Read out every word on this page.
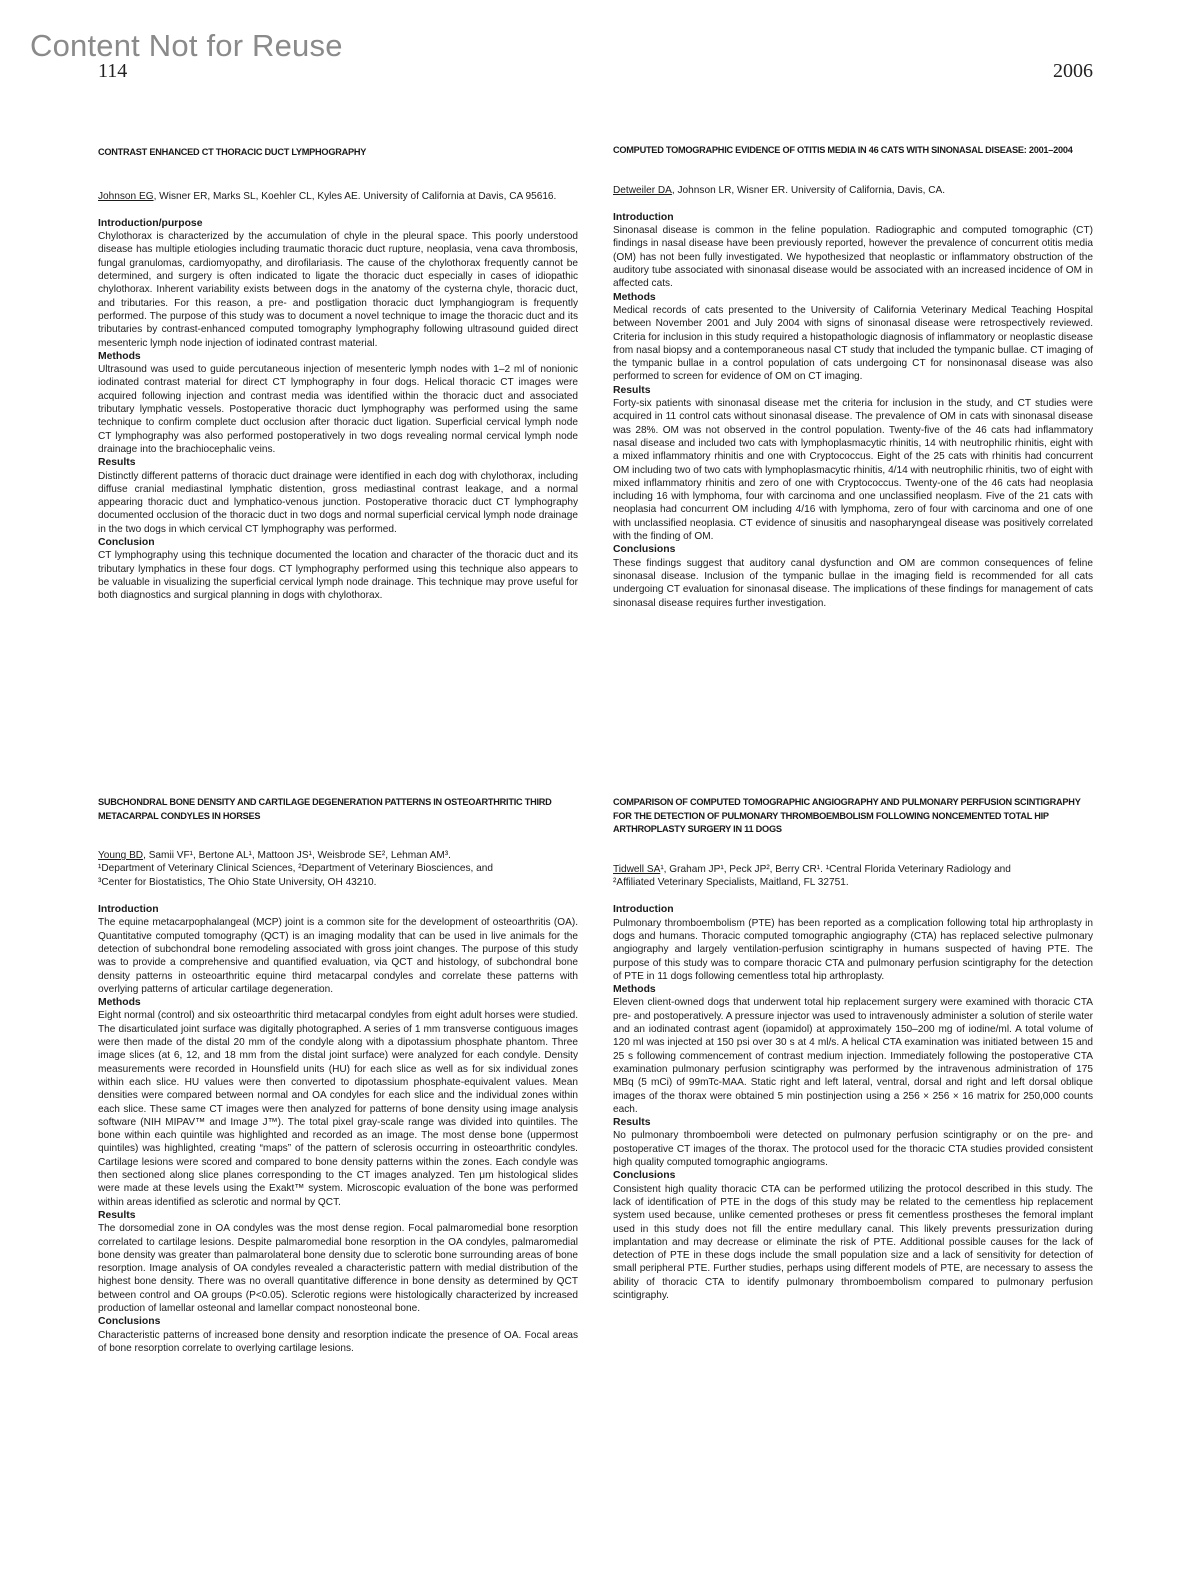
Content Not for Reuse
114	2006

CONTRAST ENHANCED CT THORACIC DUCT LYMPHOGRAPHY

Johnson EG, Wisner ER, Marks SL, Koehler CL, Kyles AE. University of California at Davis, CA 95616.
Introduction/purpose

Chylothorax is characterized by the accumulation of chyle in the pleural space. This poorly understood disease has multiple etiologies including traumatic thoracic duct rupture, neoplasia, vena cava thrombosis, fungal granulomas, cardiomyopathy, and dirofilariasis. The cause of the chylothorax frequently cannot be determined, and surgery is often indicated to ligate the thoracic duct especially in cases of idiopathic chylothorax. Inherent variability exists between dogs in the anatomy of the cysterna chyle, thoracic duct, and tributaries. For this reason, a pre- and postligation thoracic duct lymphangiogram is frequently performed. The purpose of this study was to document a novel technique to image the thoracic duct and its tributaries by contrast-enhanced computed tomography lymphography following ultrasound guided direct mesenteric lymph node injection of iodinated contrast material.

Methods

Ultrasound was used to guide percutaneous injection of mesenteric lymph nodes with 1–2 ml of nonionic iodinated contrast material for direct CT lymphography in four dogs. Helical thoracic CT images were acquired following injection and contrast media was identified within the thoracic duct and associated tributary lymphatic vessels. Postoperative thoracic duct lymphography was performed using the same technique to confirm complete duct occlusion after thoracic duct ligation. Superficial cervical lymph node CT lymphography was also performed postoperatively in two dogs revealing normal cervical lymph node drainage into the brachiocephalic veins.

Results

Distinctly different patterns of thoracic duct drainage were identified in each dog with chylothorax, including diffuse cranial mediastinal lymphatic distention, gross mediastinal contrast leakage, and a normal appearing thoracic duct and lymphatico-venous junction. Postoperative thoracic duct CT lymphography documented occlusion of the thoracic duct in two dogs and normal superficial cervical lymph node drainage in the two dogs in which cervical CT lymphography was performed.

Conclusion

CT lymphography using this technique documented the location and character of the thoracic duct and its tributary lymphatics in these four dogs. CT lymphography performed using this technique also appears to be valuable in visualizing the superficial cervical lymph node drainage. This technique may prove useful for both diagnostics and surgical planning in dogs with chylothorax.

COMPUTED TOMOGRAPHIC EVIDENCE OF OTITIS MEDIA IN 46 CATS WITH SINONASAL DISEASE: 2001–2004

Detweiler DA, Johnson LR, Wisner ER. University of California, Davis, CA.
Introduction

Sinonasal disease is common in the feline population. Radiographic and computed tomographic (CT) findings in nasal disease have been previously reported, however the prevalence of concurrent otitis media (OM) has not been fully investigated. We hypothesized that neoplastic or inflammatory obstruction of the auditory tube associated with sinonasal disease would be associated with an increased incidence of OM in affected cats.

Methods

Medical records of cats presented to the University of California Veterinary Medical Teaching Hospital between November 2001 and July 2004 with signs of sinonasal disease were retrospectively reviewed. Criteria for inclusion in this study required a histopathologic diagnosis of inflammatory or neoplastic disease from nasal biopsy and a contemporaneous nasal CT study that included the tympanic bullae. CT imaging of the tympanic bullae in a control population of cats undergoing CT for nonsinonasal disease was also performed to screen for evidence of OM on CT imaging.

Results

Forty-six patients with sinonasal disease met the criteria for inclusion in the study, and CT studies were acquired in 11 control cats without sinonasal disease. The prevalence of OM in cats with sinonasal disease was 28%. OM was not observed in the control population. Twenty-five of the 46 cats had inflammatory nasal disease and included two cats with lymphoplasmacytic rhinitis, 14 with neutrophilic rhinitis, eight with a mixed inflammatory rhinitis and one with Cryptococcus. Eight of the 25 cats with rhinitis had concurrent OM including two of two cats with lymphoplasmacytic rhinitis, 4/14 with neutrophilic rhinitis, two of eight with mixed inflammatory rhinitis and zero of one with Cryptococcus. Twenty-one of the 46 cats had neoplasia including 16 with lymphoma, four with carcinoma and one unclassified neoplasm. Five of the 21 cats with neoplasia had concurrent OM including 4/16 with lymphoma, zero of four with carcinoma and one of one with unclassified neoplasia. CT evidence of sinusitis and nasopharyngeal disease was positively correlated with the finding of OM.

Conclusions

These findings suggest that auditory canal dysfunction and OM are common consequences of feline sinonasal disease. Inclusion of the tympanic bullae in the imaging field is recommended for all cats undergoing CT evaluation for sinonasal disease. The implications of these findings for management of cats sinonasal disease requires further investigation.

SUBCHONDRAL BONE DENSITY AND CARTILAGE DEGENERATION PATTERNS IN OSTEOARTHRITIC THIRD METACARPAL CONDYLES IN HORSES

Young BD, Samii VF¹, Bertone AL¹, Mattoon JS¹, Weisbrode SE², Lehman AM³.
¹Department of Veterinary Clinical Sciences, ²Department of Veterinary Biosciences, and
³Center for Biostatistics, The Ohio State University, OH 43210.
Introduction

The equine metacarpophalangeal (MCP) joint is a common site for the development of osteoarthritis (OA). Quantitative computed tomography (QCT) is an imaging modality that can be used in live animals for the detection of subchondral bone remodeling associated with gross joint changes. The purpose of this study was to provide a comprehensive and quantified evaluation, via QCT and histology, of subchondral bone density patterns in osteoarthritic equine third metacarpal condyles and correlate these patterns with overlying patterns of articular cartilage degeneration.

Methods

Eight normal (control) and six osteoarthritic third metacarpal condyles from eight adult horses were studied. The disarticulated joint surface was digitally photographed. A series of 1 mm transverse contiguous images were then made of the distal 20 mm of the condyle along with a dipotassium phosphate phantom. Three image slices (at 6, 12, and 18 mm from the distal joint surface) were analyzed for each condyle. Density measurements were recorded in Hounsfield units (HU) for each slice as well as for six individual zones within each slice. HU values were then converted to dipotassium phosphate-equivalent values. Mean densities were compared between normal and OA condyles for each slice and the individual zones within each slice. These same CT images were then analyzed for patterns of bone density using image analysis software (NIH MIPAV™ and Image J™). The total pixel gray-scale range was divided into quintiles. The bone within each quintile was highlighted and recorded as an image. The most dense bone (uppermost quintiles) was highlighted, creating “maps” of the pattern of sclerosis occurring in osteoarthritic condyles. Cartilage lesions were scored and compared to bone density patterns within the zones. Each condyle was then sectioned along slice planes corresponding to the CT images analyzed. Ten μm histological slides were made at these levels using the Exakt™ system. Microscopic evaluation of the bone was performed within areas identified as sclerotic and normal by QCT.

Results

The dorsomedial zone in OA condyles was the most dense region. Focal palmaromedial bone resorption correlated to cartilage lesions. Despite palmaromedial bone resorption in the OA condyles, palmaromedial bone density was greater than palmarolateral bone density due to sclerotic bone surrounding areas of bone resorption. Image analysis of OA condyles revealed a characteristic pattern with medial distribution of the highest bone density. There was no overall quantitative difference in bone density as determined by QCT between control and OA groups (P<0.05). Sclerotic regions were histologically characterized by increased production of lamellar osteonal and lamellar compact nonosteonal bone.

Conclusions

Characteristic patterns of increased bone density and resorption indicate the presence of OA. Focal areas of bone resorption correlate to overlying cartilage lesions.

COMPARISON OF COMPUTED TOMOGRAPHIC ANGIOGRAPHY AND PULMONARY PERFUSION SCINTIGRAPHY FOR THE DETECTION OF PULMONARY THROMBOEMBOLISM FOLLOWING NONCEMENTED TOTAL HIP ARTHROPLASTY SURGERY IN 11 DOGS

Tidwell SA¹, Graham JP¹, Peck JP², Berry CR¹. ¹Central Florida Veterinary Radiology and
²Affiliated Veterinary Specialists, Maitland, FL 32751.
Introduction

Pulmonary thromboembolism (PTE) has been reported as a complication following total hip arthroplasty in dogs and humans. Thoracic computed tomographic angiography (CTA) has replaced selective pulmonary angiography and largely ventilation-perfusion scintigraphy in humans suspected of having PTE. The purpose of this study was to compare thoracic CTA and pulmonary perfusion scintigraphy for the detection of PTE in 11 dogs following cementless total hip arthroplasty.

Methods

Eleven client-owned dogs that underwent total hip replacement surgery were examined with thoracic CTA pre- and postoperatively. A pressure injector was used to intravenously administer a solution of sterile water and an iodinated contrast agent (iopamidol) at approximately 150–200 mg of iodine/ml. A total volume of 120 ml was injected at 150 psi over 30 s at 4 ml/s. A helical CTA examination was initiated between 15 and 25 s following commencement of contrast medium injection. Immediately following the postoperative CTA examination pulmonary perfusion scintigraphy was performed by the intravenous administration of 175 MBq (5 mCi) of 99mTc-MAA. Static right and left lateral, ventral, dorsal and right and left dorsal oblique images of the thorax were obtained 5 min postinjection using a 256 × 256 × 16 matrix for 250,000 counts each.

Results

No pulmonary thromboemboli were detected on pulmonary perfusion scintigraphy or on the pre- and postoperative CT images of the thorax. The protocol used for the thoracic CTA studies provided consistent high quality computed tomographic angiograms.

Conclusions

Consistent high quality thoracic CTA can be performed utilizing the protocol described in this study. The lack of identification of PTE in the dogs of this study may be related to the cementless hip replacement system used because, unlike cemented protheses or press fit cementless prostheses the femoral implant used in this study does not fill the entire medullary canal. This likely prevents pressurization during implantation and may decrease or eliminate the risk of PTE. Additional possible causes for the lack of detection of PTE in these dogs include the small population size and a lack of sensitivity for detection of small peripheral PTE. Further studies, perhaps using different models of PTE, are necessary to assess the ability of thoracic CTA to identify pulmonary thromboembolism compared to pulmonary perfusion scintigraphy.
